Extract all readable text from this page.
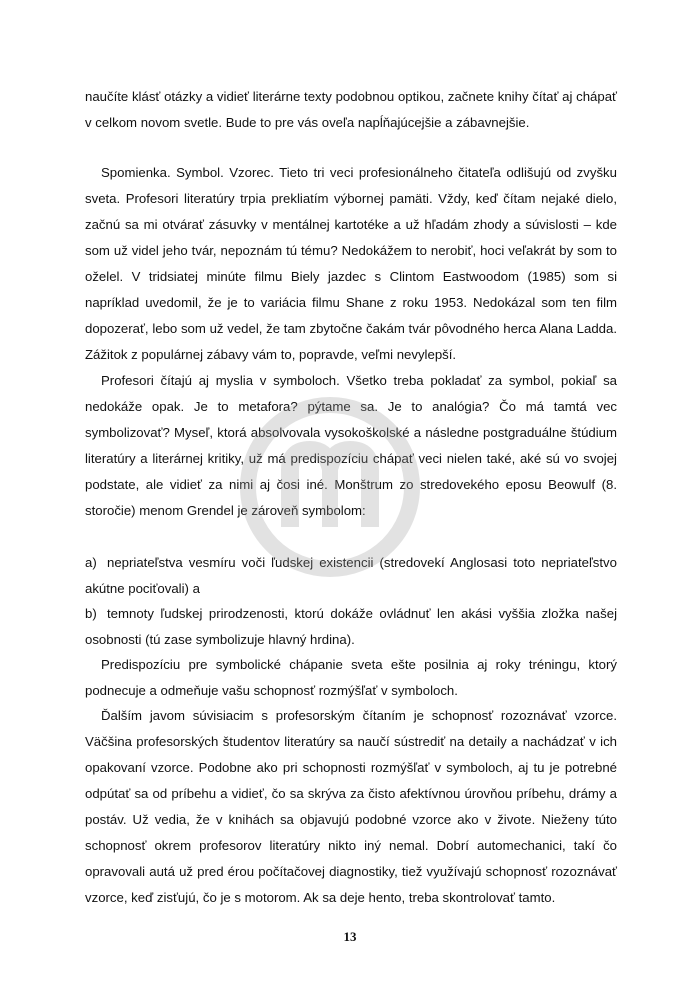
naučíte klásť otázky a vidieť literárne texty podobnou optikou, začnete knihy čítať aj chápať v celkom novom svetle. Bude to pre vás oveľa napĺňajúcejšie a zábavnejšie.

Spomienka. Symbol. Vzorec. Tieto tri veci profesionálneho čitateľa odlišujú od zvyšku sveta. Profesori literatúry trpia prekliatím výbornej pamäti. Vždy, keď čítam nejaké dielo, začnú sa mi otvárať zásuvky v mentálnej kartotéke a už hľadám zhody a súvislosti – kde som už videl jeho tvár, nepoznám tú tému? Nedokážem to nerobiť, hoci veľakrát by som to oželel. V tridsiatej minúte filmu Biely jazdec s Clintom Eastwoodom (1985) som si napríklad uvedomil, že je to variácia filmu Shane z roku 1953. Nedokázal som ten film dopozerať, lebo som už vedel, že tam zbytočne čakám tvár pôvodného herca Alana Ladda. Zážitok z populárnej zábavy vám to, popravde, veľmi nevylepší.

Profesori čítajú aj myslia v symboloch. Všetko treba pokladať za symbol, pokiaľ sa nedokáže opak. Je to metafora? pýtame sa. Je to analógia? Čo má tamtá vec symbolizovať? Myseľ, ktorá absolvovala vysokoškolské a následne postgraduálne štúdium literatúry a literárnej kritiky, už má predispozíciu chápať veci nielen také, aké sú vo svojej podstate, ale vidieť za nimi aj čosi iné. Monštrum zo stredovekého eposu Beowulf (8. storočie) menom Grendel je zároveň symbolom:

a) nepriateľstva vesmíru voči ľudskej existencii (stredovekí Anglosasi toto nepriateľstvo akútne pociťovali) a
b) temnoty ľudskej prirodzenosti, ktorú dokáže ovládnuť len akási vyššia zložka našej osobnosti (tú zase symbolizuje hlavný hrdina).

Predispozíciu pre symbolické chápanie sveta ešte posilnia aj roky tréningu, ktorý podnecuje a odmeňuje vašu schopnosť rozmýšľať v symboloch.

Ďalším javom súvisiacim s profesorským čítaním je schopnosť rozoznávať vzorce. Väčšina profesorských študentov literatúry sa naučí sústrediť na detaily a nachádzať v ich opakovaní vzorce. Podobne ako pri schopnosti rozmýšľať v symboloch, aj tu je potrebné odpútať sa od príbehu a vidieť, čo sa skrýva za čisto afektívnou úrovňou príbehu, drámy a postáv. Už vedia, že v knihách sa objavujú podobné vzorce ako v živote. Nieženy túto schopnosť okrem profesorov literatúry nikto iný nemal. Dobrí automechanici, takí čo opravovali autá už pred érou počítačovej diagnostiky, tiež využívajú schopnosť rozoznávať vzorce, keď zisťujú, čo je s motorom. Ak sa deje hento, treba skontrolovať tamto.

13
